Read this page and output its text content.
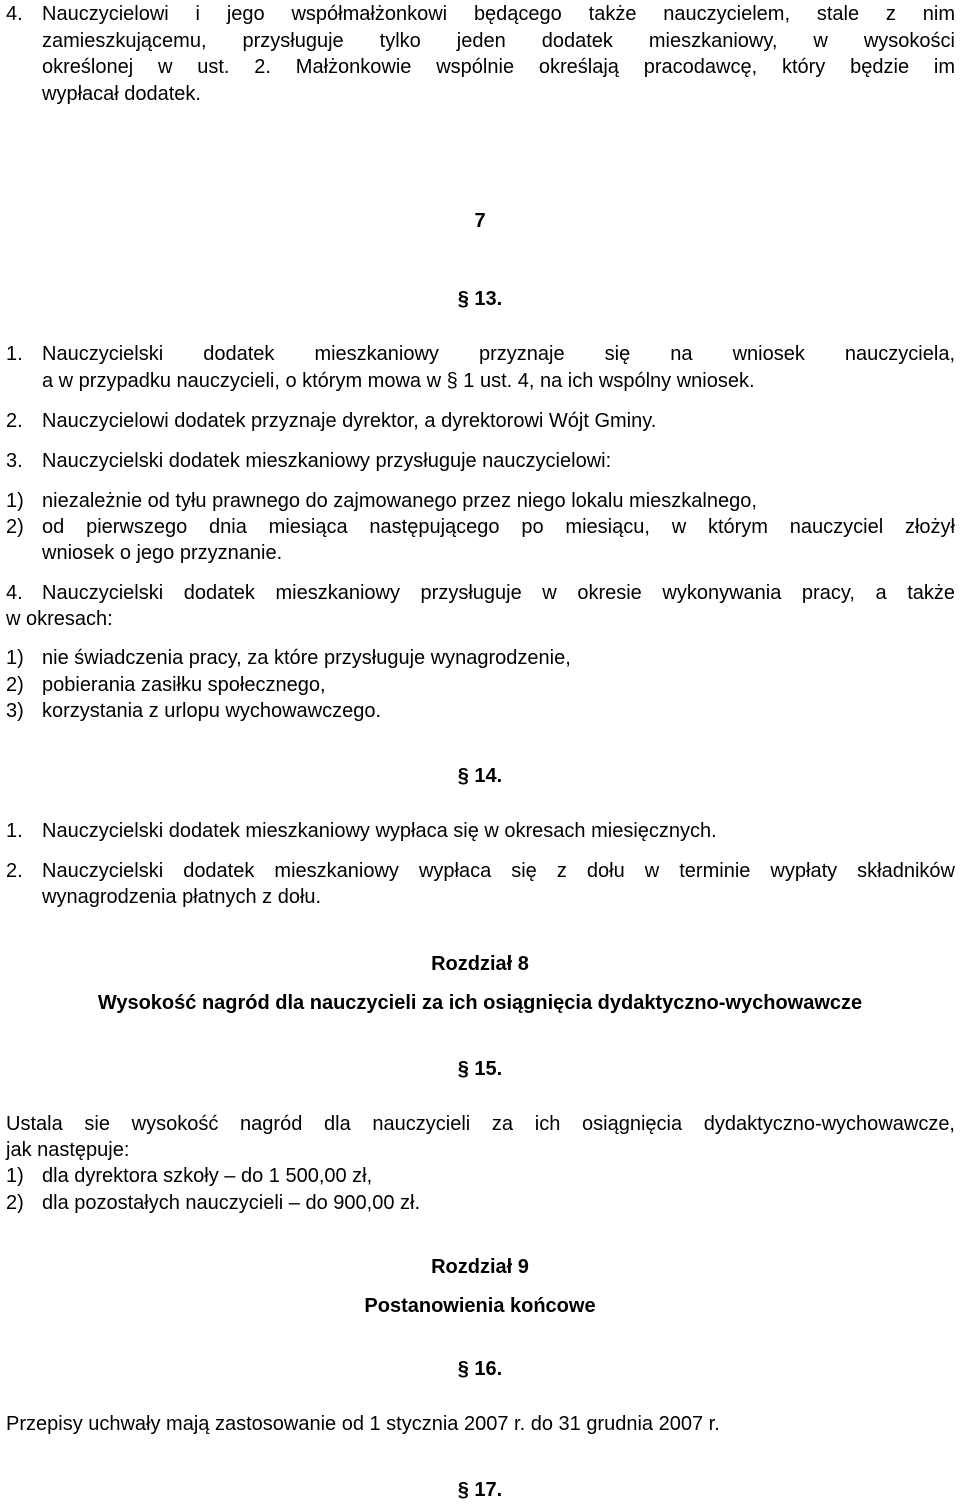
4. Nauczycielowi i jego współmałżonkowi będącego także nauczycielem, stale z nim
zamieszkującemu, przysługuje tylko jeden dodatek mieszkaniowy, w wysokości
określonej w ust. 2. Małżonkowie wspólnie określają pracodawcę, który będzie im
wypłacał dodatek.
7
§ 13.
1. Nauczycielski dodatek mieszkaniowy przyznaje się na wniosek nauczyciela,
a w przypadku nauczycieli, o którym mowa w § 1 ust. 4, na ich wspólny wniosek.
2. Nauczycielowi dodatek przyznaje dyrektor, a dyrektorowi Wójt Gminy.
3. Nauczycielski dodatek mieszkaniowy przysługuje nauczycielowi:
1) niezależnie od tyłu prawnego do zajmowanego przez niego lokalu mieszkalnego,
2) od pierwszego dnia miesiąca następującego po miesiącu, w którym nauczyciel złożył
wniosek o jego przyznanie.
4. Nauczycielski dodatek mieszkaniowy przysługuje w okresie wykonywania pracy, a także
w okresach:
1) nie świadczenia pracy, za które przysługuje wynagrodzenie,
2) pobierania zasiłku społecznego,
3) korzystania z urlopu wychowawczego.
§ 14.
1. Nauczycielski dodatek mieszkaniowy wypłaca się w okresach miesięcznych.
2. Nauczycielski dodatek mieszkaniowy wypłaca się z dołu w terminie wypłaty składników
wynagrodzenia płatnych z dołu.
Rozdział 8
Wysokość nagród dla nauczycieli za ich osiągnięcia dydaktyczno-wychowawcze
§ 15.
Ustala sie wysokość nagród dla nauczycieli za ich osiągnięcia dydaktyczno-wychowawcze,
jak następuje:
1) dla dyrektora szkoły – do 1 500,00 zł,
2) dla pozostałych nauczycieli – do 900,00 zł.
Rozdział 9
Postanowienia końcowe
§ 16.
Przepisy uchwały mają zastosowanie od 1 stycznia 2007 r. do 31 grudnia 2007 r.
§ 17.
